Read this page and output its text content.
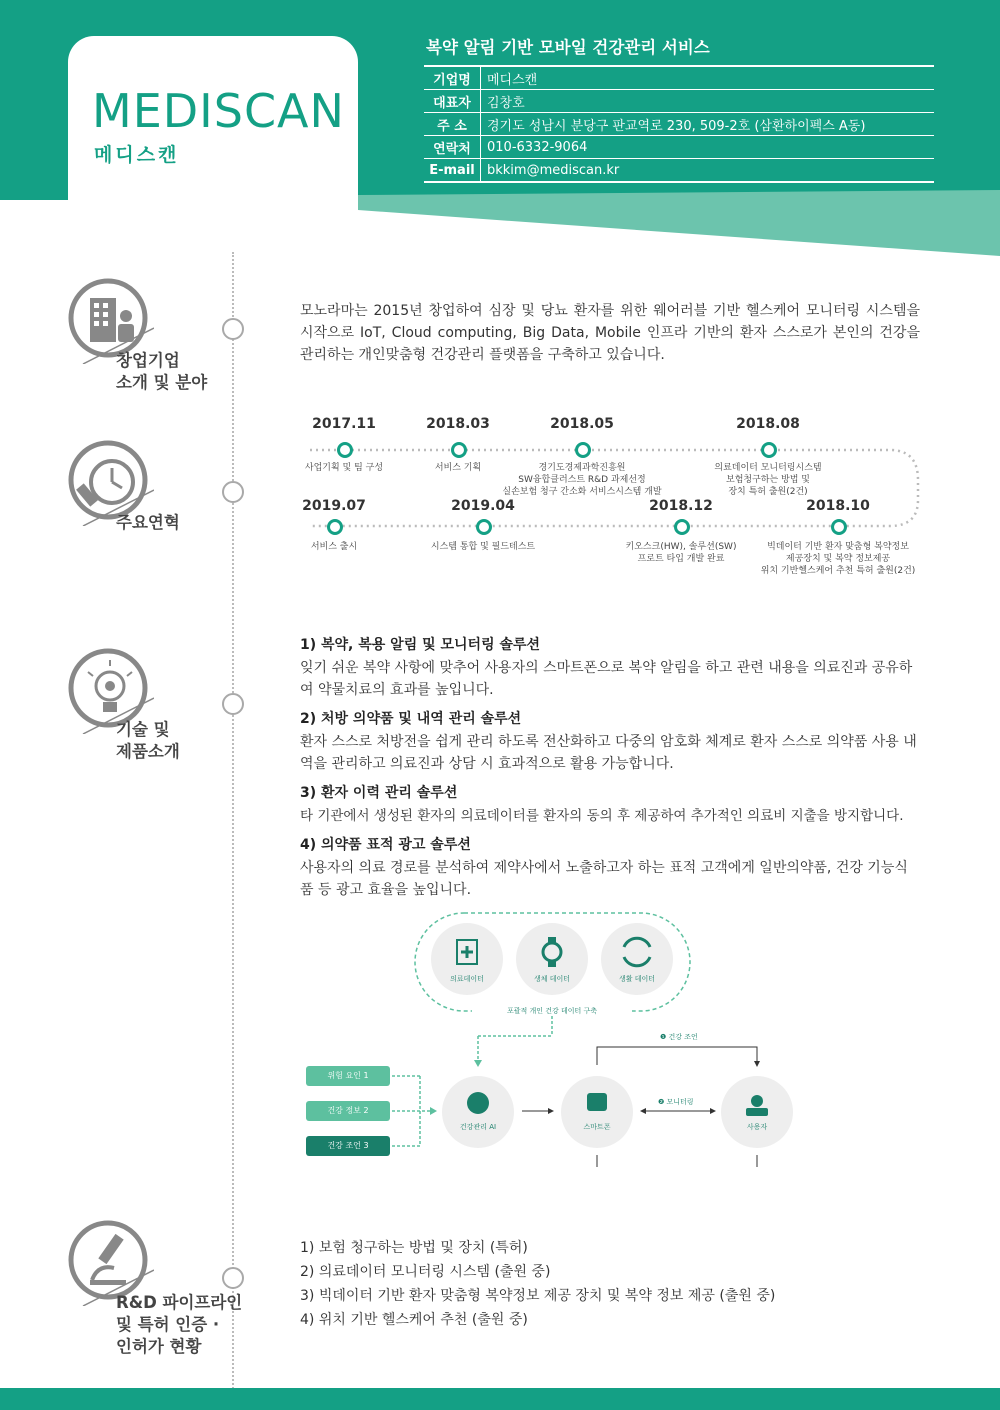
MEDISCAN
메디스캔
복약 알림 기반 모바일 건강관리 서비스
기업명	메디스캔
대표자	김창호
주 소	경기도 성남시 분당구 판교역로 230, 509-2호 (삼환하이펙스 A동)
연락처	010-6332-9064
E-mail	bkkim@mediscan.kr
창업기업
소개 및 분야
주요연혁
기술 및
제품소개
R&D 파이프라인
및 특허 인증 ·
인허가 현황
모노라마는 2015년 창업하여 심장 및 당뇨 환자를 위한 웨어러블 기반 헬스케어 모니터링 시스템을 시작으로 IoT, Cloud computing, Big Data, Mobile 인프라 기반의 환자 스스로가 본인의 건강을 관리하는 개인맞춤형 건강관리 플랫폼을 구축하고 있습니다.
2017.11
사업기획 및 팀 구성
2018.03
서비스 기획
2018.05
경기도경제과학진흥원
SW융합클러스트 R&D 과제선정
실손보험 청구 간소화 서비스시스템 개발
2018.08
의료데이터 모니터링시스템
보험청구하는 방법 및
장치 특허 출원(2건)
2019.07
서비스 출시
2019.04
시스템 통합 및 필드테스트
2018.12
키오스크(HW), 솔루션(SW)
프로트 타입 개발 완료
2018.10
빅데이터 기반 환자 맞춤형 복약정보
제공장치 및 복약 정보제공
위치 기반헬스케어 추천 특허 출원(2건)
1) 복약, 복용 알림 및 모니터링 솔루션
잊기 쉬운 복약 사항에 맞추어 사용자의 스마트폰으로 복약 알림을 하고 관련 내용을 의료진과 공유하여 약물치료의 효과를 높입니다.
2) 처방 의약품 및 내역 관리 솔루션
환자 스스로 처방전을 쉽게 관리 하도록 전산화하고 다중의 암호화 체계로 환자 스스로 의약품 사용 내역을 관리하고 의료진과 상담 시 효과적으로 활용 가능합니다.
3) 환자 이력 관리 솔루션
타 기관에서 생성된 환자의 의료데이터를 환자의 동의 후 제공하여 추가적인 의료비 지출을 방지합니다.
4) 의약품 표적 광고 솔루션
사용자의 의료 경로를 분석하여 제약사에서 노출하고자 하는 표적 고객에게 일반의약품, 건강 기능식품 등 광고 효율을 높입니다.
의료데이터	생체 데이터	생활 데이터
포괄적 개인 건강 데이터 구축
위험 요인 1
건강 정보 2
건강 조언 3
건강관리 AI	스마트폰	사용자
❶ 건강 조언
❷ 모니터링
1) 보험 청구하는 방법 및 장치 (특허)
2) 의료데이터 모니터링 시스템 (출원 중)
3) 빅데이터 기반 환자 맞춤형 복약정보 제공 장치 및 복약 정보 제공 (출원 중)
4) 위치 기반 헬스케어 추천 (출원 중)
